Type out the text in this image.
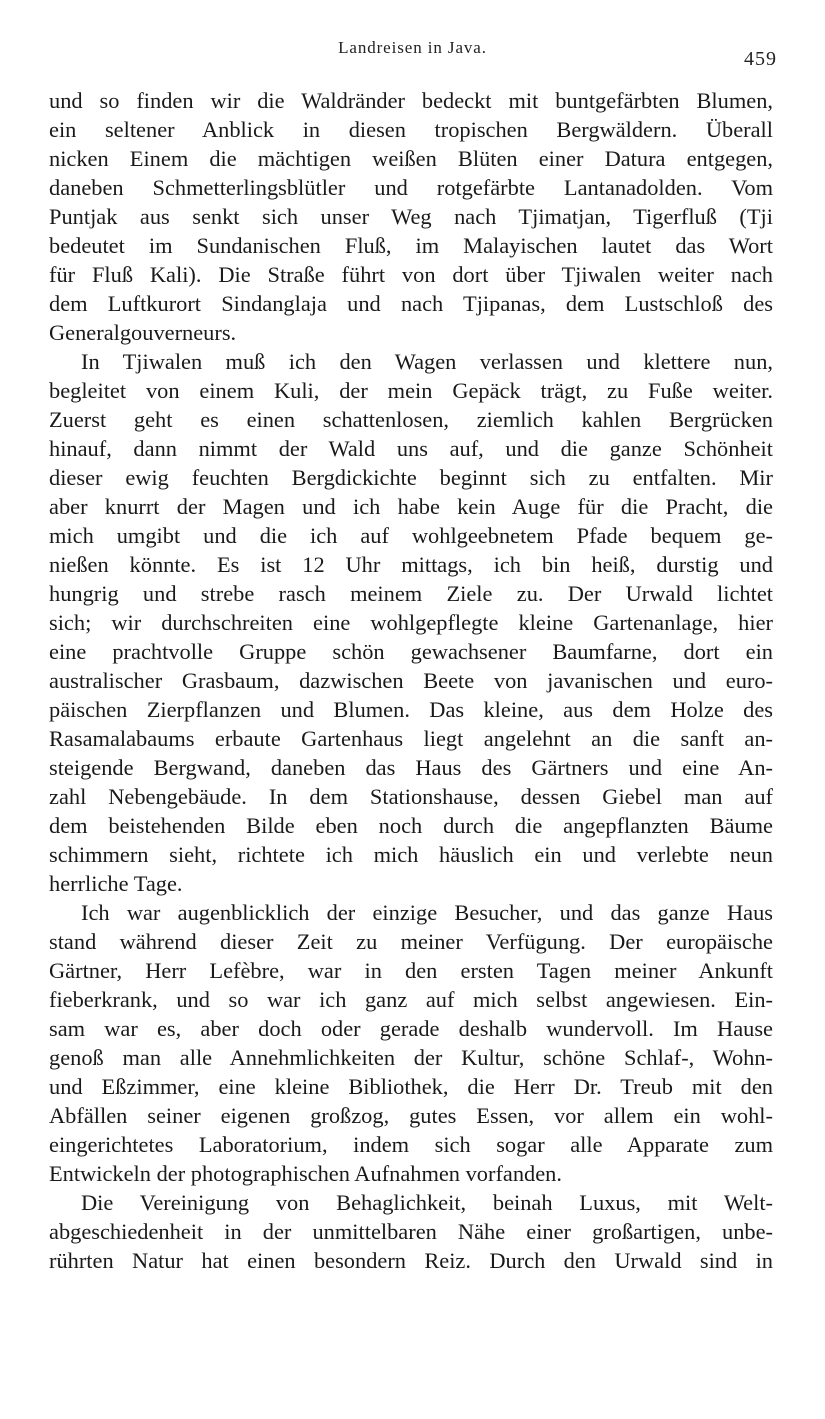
Landreisen in Java.
459
und so finden wir die Waldränder bedeckt mit buntgefärbten Blumen,
ein seltener Anblick in diesen tropischen Bergwäldern. Überall
nicken Einem die mächtigen weißen Blüten einer Datura entgegen,
daneben Schmetterlingsblütler und rotgefärbte Lantanadolden. Vom
Puntjak aus senkt sich unser Weg nach Tjimatjan, Tigerfluß (Tji
bedeutet im Sundanischen Fluß, im Malayischen lautet das Wort
für Fluß Kali). Die Straße führt von dort über Tjiwalen weiter nach
dem Luftkurort Sindanglaja und nach Tjipanas, dem Lustschloß des
Generalgouverneurs.
In Tjiwalen muß ich den Wagen verlassen und klettere nun,
begleitet von einem Kuli, der mein Gepäck trägt, zu Fuße weiter.
Zuerst geht es einen schattenlosen, ziemlich kahlen Bergrücken
hinauf, dann nimmt der Wald uns auf, und die ganze Schönheit
dieser ewig feuchten Bergdickichte beginnt sich zu entfalten. Mir
aber knurrt der Magen und ich habe kein Auge für die Pracht, die
mich umgibt und die ich auf wohlgeebnetem Pfade bequem ge-
nießen könnte. Es ist 12 Uhr mittags, ich bin heiß, durstig und
hungrig und strebe rasch meinem Ziele zu. Der Urwald lichtet
sich; wir durchschreiten eine wohlgepflegte kleine Gartenanlage, hier
eine prachtvolle Gruppe schön gewachsener Baumfarne, dort ein
australischer Grasbaum, dazwischen Beete von javanischen und euro-
päischen Zierpflanzen und Blumen. Das kleine, aus dem Holze des
Rasamalabaums erbaute Gartenhaus liegt angelehnt an die sanft an-
steigende Bergwand, daneben das Haus des Gärtners und eine An-
zahl Nebengebäude. In dem Stationshause, dessen Giebel man auf
dem beistehenden Bilde eben noch durch die angepflanzten Bäume
schimmern sieht, richtete ich mich häuslich ein und verlebte neun
herrliche Tage.
Ich war augenblicklich der einzige Besucher, und das ganze Haus
stand während dieser Zeit zu meiner Verfügung. Der europäische
Gärtner, Herr Lefèbre, war in den ersten Tagen meiner Ankunft
fieberkrank, und so war ich ganz auf mich selbst angewiesen. Ein-
sam war es, aber doch oder gerade deshalb wundervoll. Im Hause
genoß man alle Annehmlichkeiten der Kultur, schöne Schlaf-, Wohn-
und Eßzimmer, eine kleine Bibliothek, die Herr Dr. Treub mit den
Abfällen seiner eigenen großzog, gutes Essen, vor allem ein wohl-
eingerichtetes Laboratorium, indem sich sogar alle Apparate zum
Entwickeln der photographischen Aufnahmen vorfanden.
Die Vereinigung von Behaglichkeit, beinah Luxus, mit Welt-
abgeschiedenheit in der unmittelbaren Nähe einer großartigen, unbe-
rührten Natur hat einen besondern Reiz. Durch den Urwald sind in
